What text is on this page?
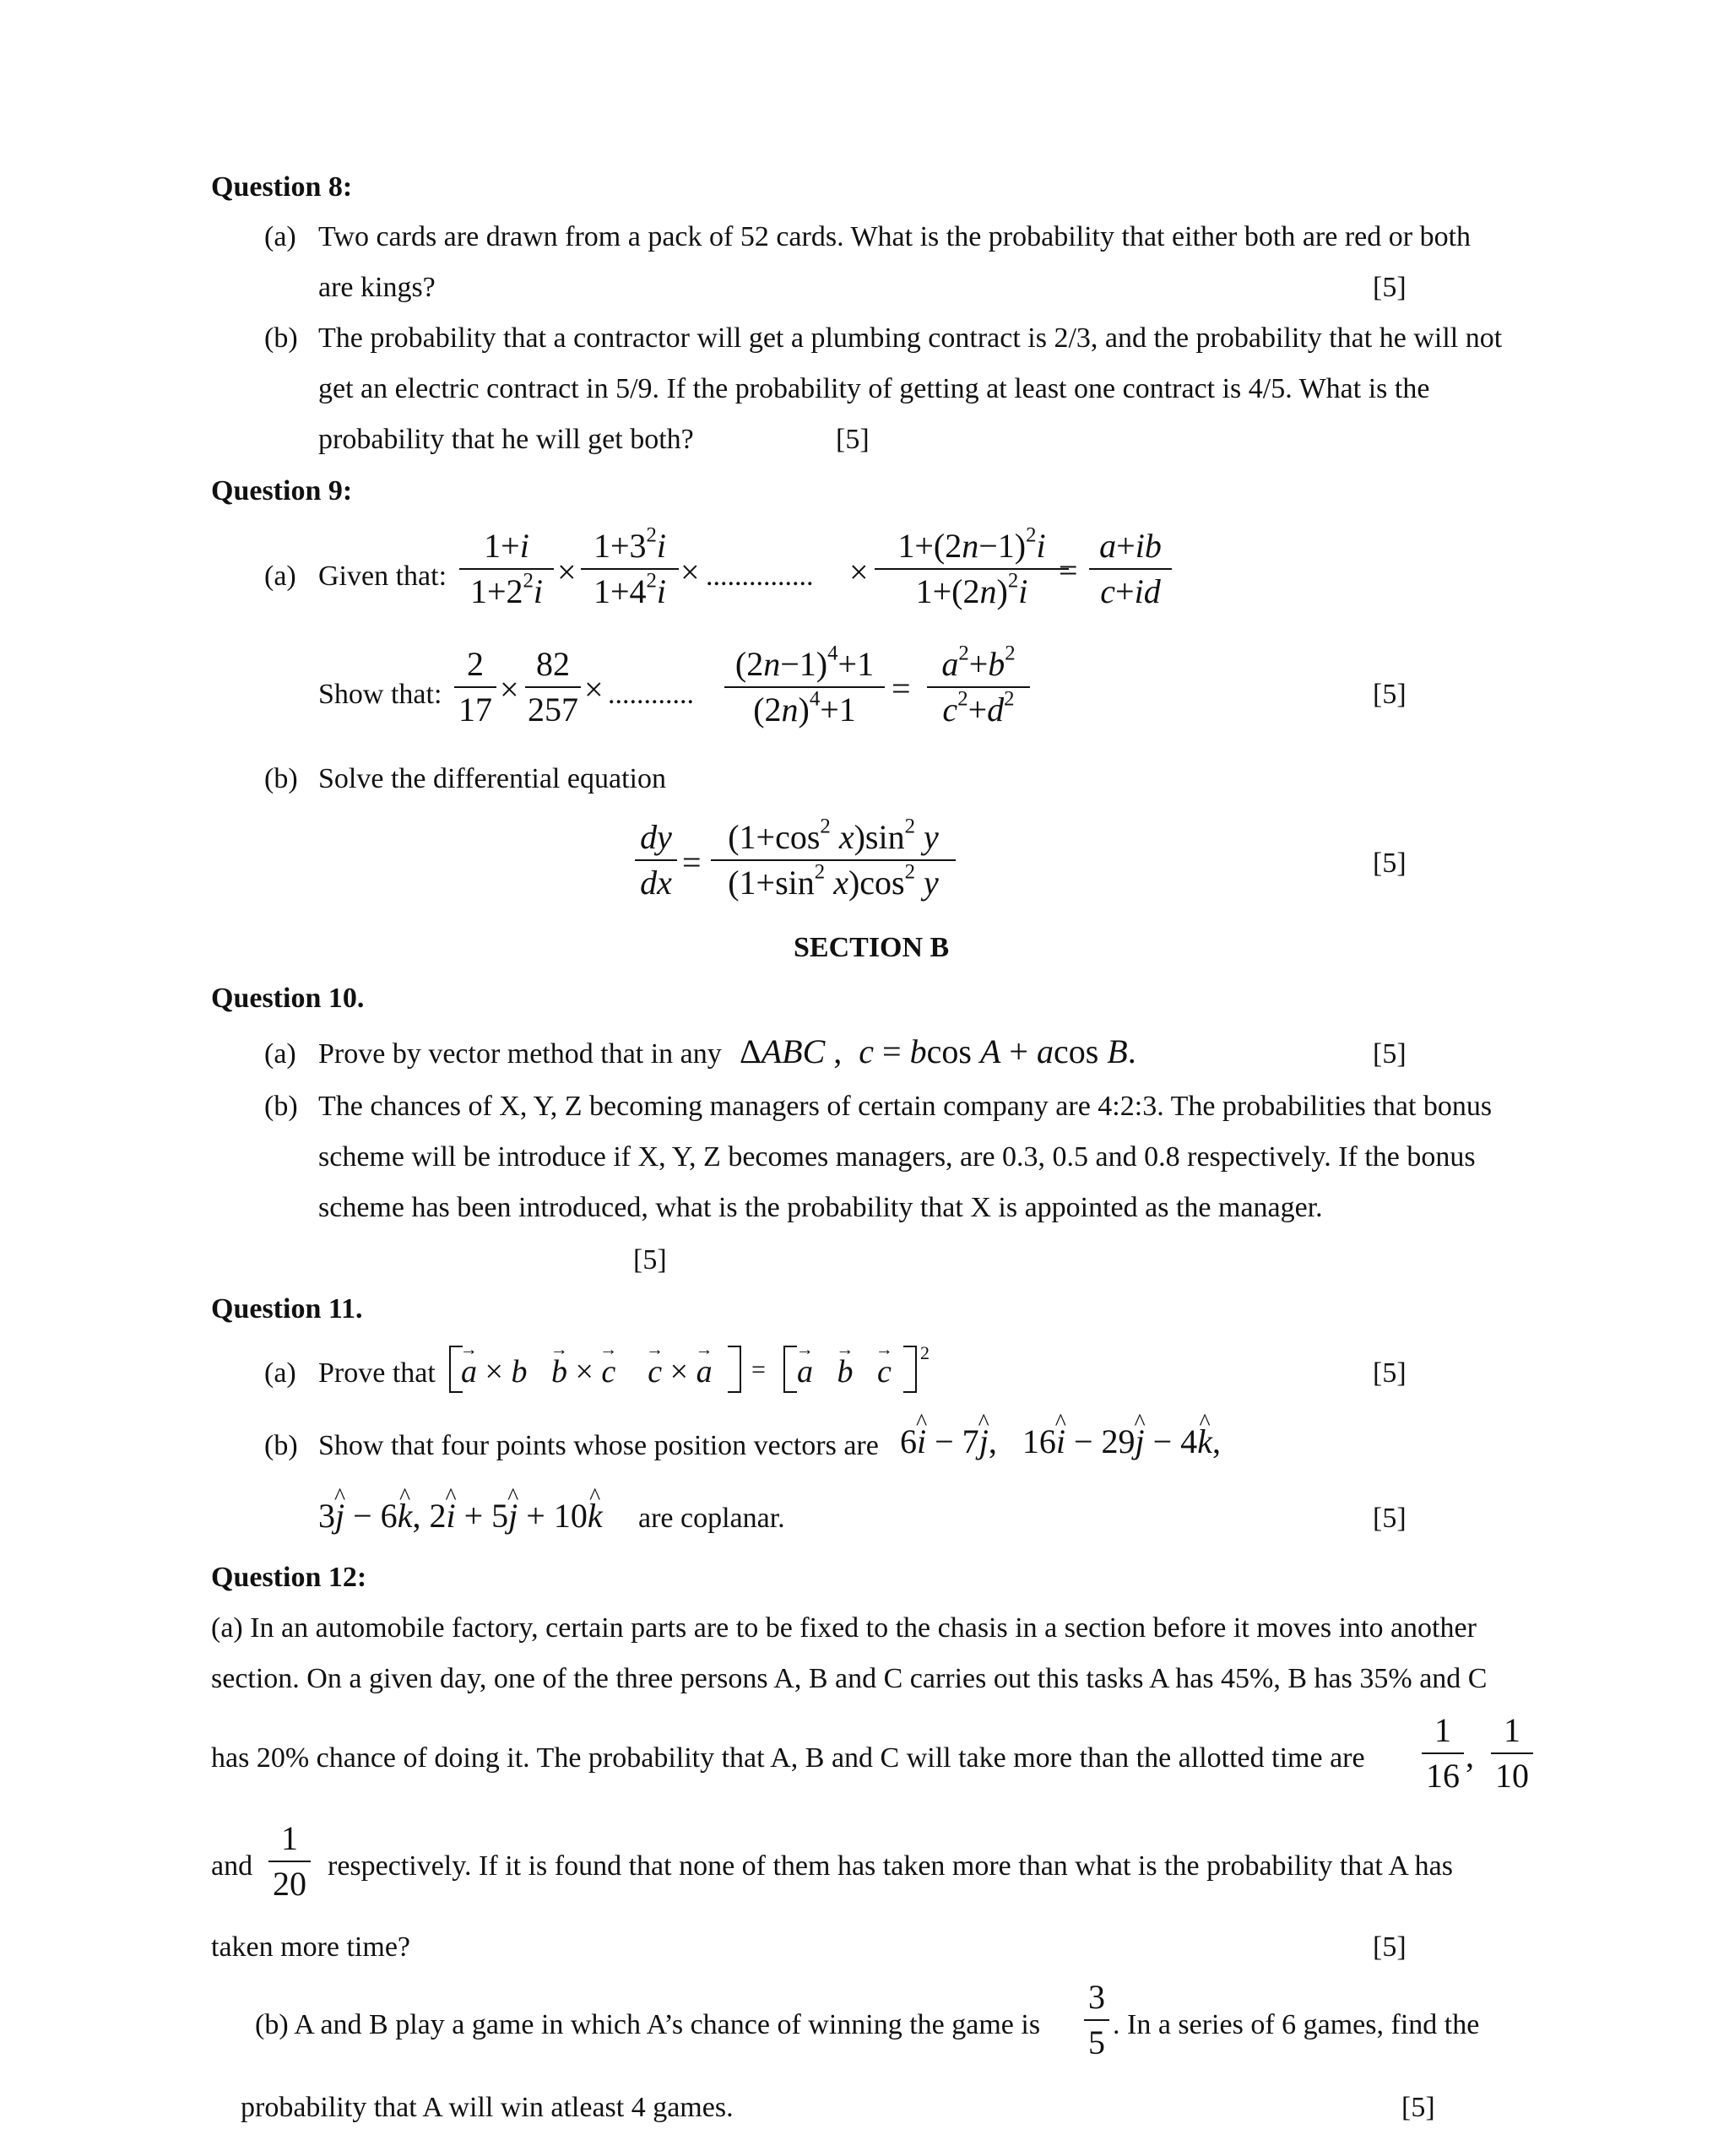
Question 8:
(a) Two cards are drawn from a pack of 52 cards. What is the probability that either both are red or both
are kings?	[5]
(b) The probability that a contractor will get a plumbing contract is 2/3, and the probability that he will not
get an electric contract in 5/9. If the probability of getting at least one contract is 4/5. What is the
probability that he will get both?	[5]
Question 9:
(a) Given that:
1+i
$1+2^2i$
×
$1+3^2i$
$1+4^2i$
× ............... ×
$1+(2n-1)^2i$
$1+(2n)^2i$
=
a+ib
c+id
Show that:
2
17
×
82
257
× ............
$(2n-1)^4+1$
$(2n)^4+1$
=
$a^2+b^2$
$c^2+d^2$	[5]
(b) Solve the differential equation
dy
dx
=
($1+\cos^2$ $x)\sin^2$ y
($1+\sin^2$ $x)\cos^2$ y
[5]
SECTION B
Question 10.
(a) Prove by vector method that in any ΔABC ,  c = bcos A + acos B.	[5]
(b) The chances of X, Y, Z becoming managers of certain company are 4:2:3. The probabilities that bonus
scheme will be introduce if X, Y, Z becomes managers, are 0.3, 0.5 and 0.8 respectively. If the bonus
scheme has been introduced, what is the probability that X is appointed as the manager.
[5]
Question 11.
(a) Prove that → a × b → b × → c → c × → a = → a → b → c
2
[5]
(b) Show that four points whose position vectors are 6^ i − 7^ j,   16^ i − 29^ j − 4^ k,
3^ j − 6^ k, 2^ i + 5^ j + 10^ k are coplanar.	[5]
Question 12:
(a) In an automobile factory, certain parts are to be fixed to the chasis in a section before it moves into another
section. On a given day, one of the three persons A, B and C carries out this tasks A has 45%, B has 35% and C
has 20% chance of doing it. The probability that A, B and C will take more than the allotted time are
1
16
,
1
10
and
1
20 respectively. If it is found that none of them has taken more than what is the probability that A has
taken more time?	[5]
(b) A and B play a game in which A’s chance of winning the game is
3
5 . In a series of 6 games, find the
probability that A will win atleast 4 games.	[5]
